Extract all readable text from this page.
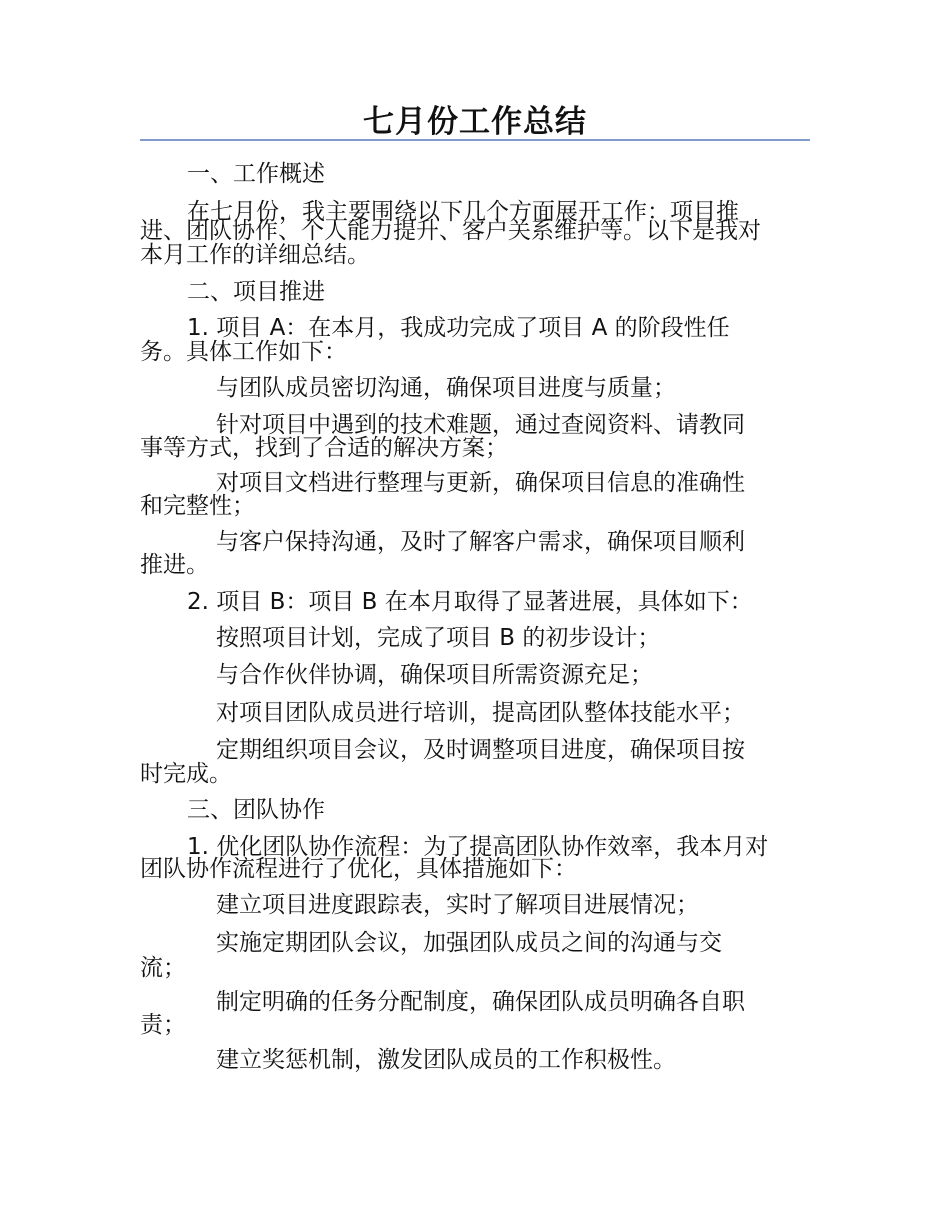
七月份工作总结
一、工作概述
在七月份，我主要围绕以下几个方面展开工作：项目推
进、团队协作、个人能力提升、客户关系维护等。以下是我对
本月工作的详细总结。
二、项目推进
1. 项目 A：在本月，我成功完成了项目 A 的阶段性任
务。具体工作如下：
与团队成员密切沟通，确保项目进度与质量；
针对项目中遇到的技术难题，通过查阅资料、请教同
事等方式，找到了合适的解决方案；
对项目文档进行整理与更新，确保项目信息的准确性
和完整性；
与客户保持沟通，及时了解客户需求，确保项目顺利
推进。
2. 项目 B：项目 B 在本月取得了显著进展，具体如下：
按照项目计划，完成了项目 B 的初步设计；
与合作伙伴协调，确保项目所需资源充足；
对项目团队成员进行培训，提高团队整体技能水平；
定期组织项目会议，及时调整项目进度，确保项目按
时完成。
三、团队协作
1. 优化团队协作流程：为了提高团队协作效率，我本月对
团队协作流程进行了优化，具体措施如下：
建立项目进度跟踪表，实时了解项目进展情况；
实施定期团队会议，加强团队成员之间的沟通与交
流；
制定明确的任务分配制度，确保团队成员明确各自职
责；
建立奖惩机制，激发团队成员的工作积极性。
